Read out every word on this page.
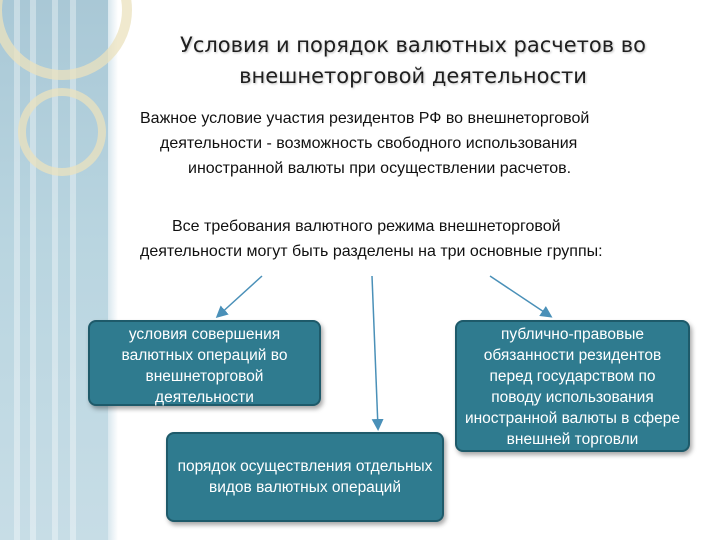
Условия и порядок валютных расчетов во внешнеторговой деятельности
Важное условие участия резидентов РФ во внешнеторговой
деятельности - возможность свободного использования
иностранной валюты при осуществлении расчетов.
Все требования валютного режима внешнеторговой
деятельности могут быть разделены на три основные группы:
условия совершения валютных операций во внешнеторговой деятельности
порядок осуществления отдельных видов валютных операций
публично-правовые обязанности резидентов перед государством по поводу использования иностранной валюты в сфере внешней торговли
